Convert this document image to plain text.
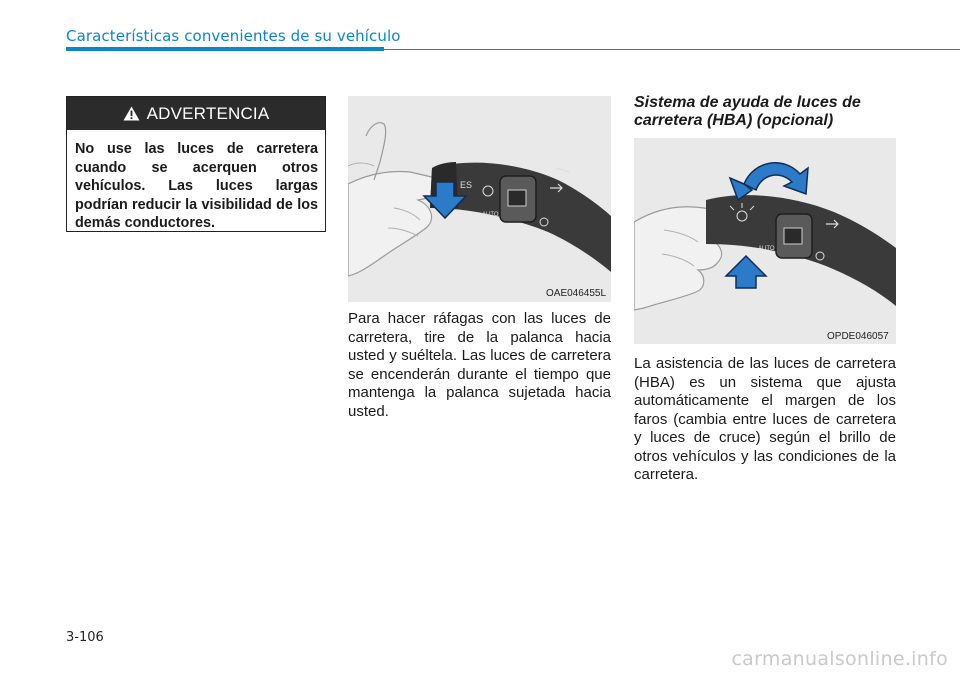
Características convenientes de su vehículo
ADVERTENCIA
No use las luces de carretera cuando se acerquen otros vehículos. Las luces largas podrían reducir la visibilidad de los demás conductores.
ES
AUTO
OAE046455L
Para hacer ráfagas con las luces de carretera, tire de la palanca hacia usted y suéltela. Las luces de carretera se encenderán durante el tiempo que mantenga la palanca sujetada hacia usted.
Sistema de ayuda de luces de carretera (HBA) (opcional)
AUTO
OPDE046057
La asistencia de las luces de carretera (HBA) es un sistema que ajusta automáticamente el margen de los faros (cambia entre luces de carretera y luces de cruce) según el brillo de otros vehículos y las condiciones de la carretera.
3-106
carmanualsonline.info
